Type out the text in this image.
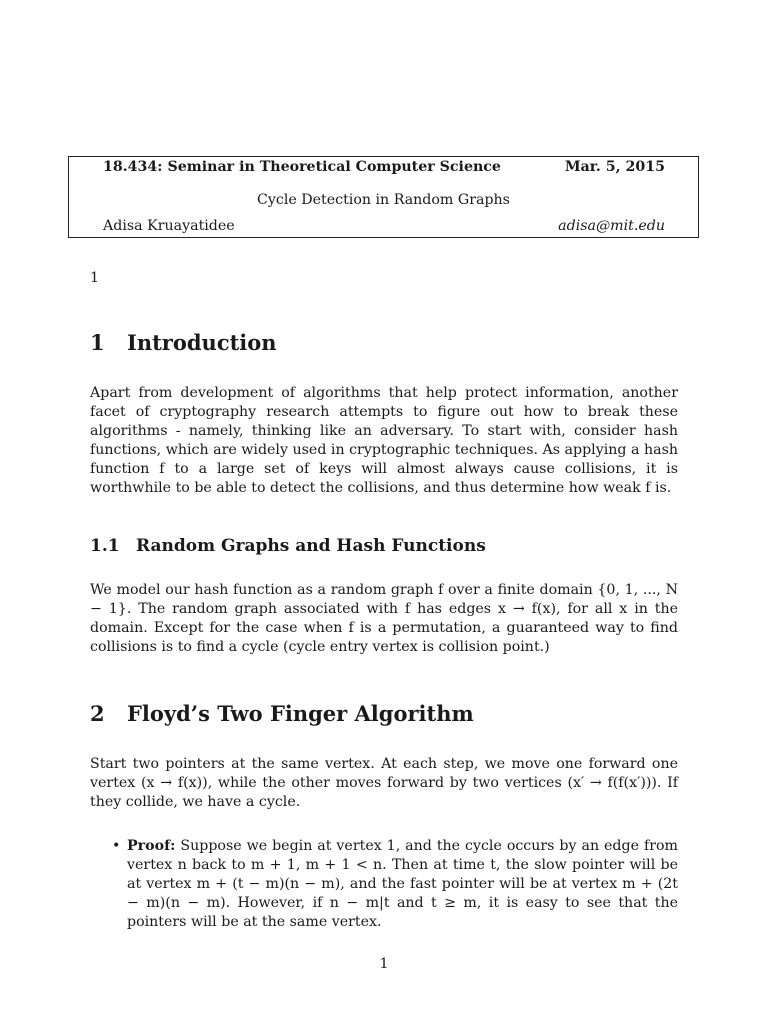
18.434: Seminar in Theoretical Computer Science	Mar. 5, 2015
Cycle Detection in Random Graphs
Adisa Kruayatidee	adisa@mit.edu
1
1 Introduction

Apart from development of algorithms that help protect information, another facet of cryptography research attempts to figure out how to break these algorithms - namely, thinking like an adversary. To start with, consider hash functions, which are widely used in cryptographic techniques. As applying a hash function f to a large set of keys will almost always cause collisions, it is worthwhile to be able to detect the collisions, and thus determine how weak f is.

1.1 Random Graphs and Hash Functions

We model our hash function as a random graph f over a finite domain {0, 1, ..., N − 1}. The random graph associated with f has edges x → f(x), for all x in the domain. Except for the case when f is a permutation, a guaranteed way to find collisions is to find a cycle (cycle entry vertex is collision point.)

2 Floyd’s Two Finger Algorithm

Start two pointers at the same vertex. At each step, we move one forward one vertex (x → f(x)), while the other moves forward by two vertices (x′ → f(f(x′))). If they collide, we have a cycle.

• Proof: Suppose we begin at vertex 1, and the cycle occurs by an edge from vertex n back to m + 1, m + 1 < n. Then at time t, the slow pointer will be at vertex m + (t − m)(n − m), and the fast pointer will be at vertex m + (2t − m)(n − m). However, if n − m|t and t ≥ m, it is easy to see that the pointers will be at the same vertex.
1
